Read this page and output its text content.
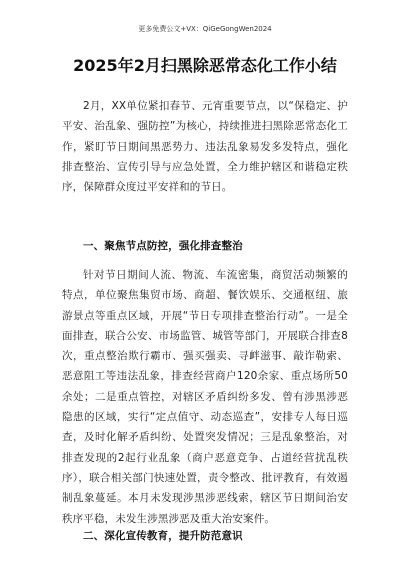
更多免费公文+VX：QiGeGongWen2024
2025年2月扫黑除恶常态化工作小结

2月，XX单位紧扣春节、元宵重要节点，以“保稳定、护平安、治乱象、强防控”为核心，持续推进扫黑除恶常态化工作，紧盯节日期间黑恶势力、违法乱象易发多发特点，强化排查整治、宣传引导与应急处置，全力维护辖区和谐稳定秩序，保障群众度过平安祥和的节日。

一、聚焦节点防控，强化排查整治

针对节日期间人流、物流、车流密集，商贸活动频繁的特点，单位聚焦集贸市场、商超、餐饮娱乐、交通枢纽、旅游景点等重点区域，开展“节日专项排查整治行动”。一是全面排查，联合公安、市场监管、城管等部门，开展联合排查8次，重点整治欺行霸市、强买强卖、寻衅滋事、敲诈勒索、恶意阻工等违法乱象，排查经营商户120余家、重点场所50余处；二是重点管控，对辖区矛盾纠纷多发、曾有涉黑涉恶隐患的区域，实行“定点值守、动态巡查”，安排专人每日巡查，及时化解矛盾纠纷、处置突发情况；三是乱象整治，对排查发现的2起行业乱象（商户恶意竞争、占道经营扰乱秩序），联合相关部门快速处置，责令整改、批评教育，有效遏制乱象蔓延。本月未发现涉黑涉恶线索，辖区节日期间治安秩序平稳，未发生涉黑涉恶及重大治安案件。

二、深化宣传教育，提升防范意识
